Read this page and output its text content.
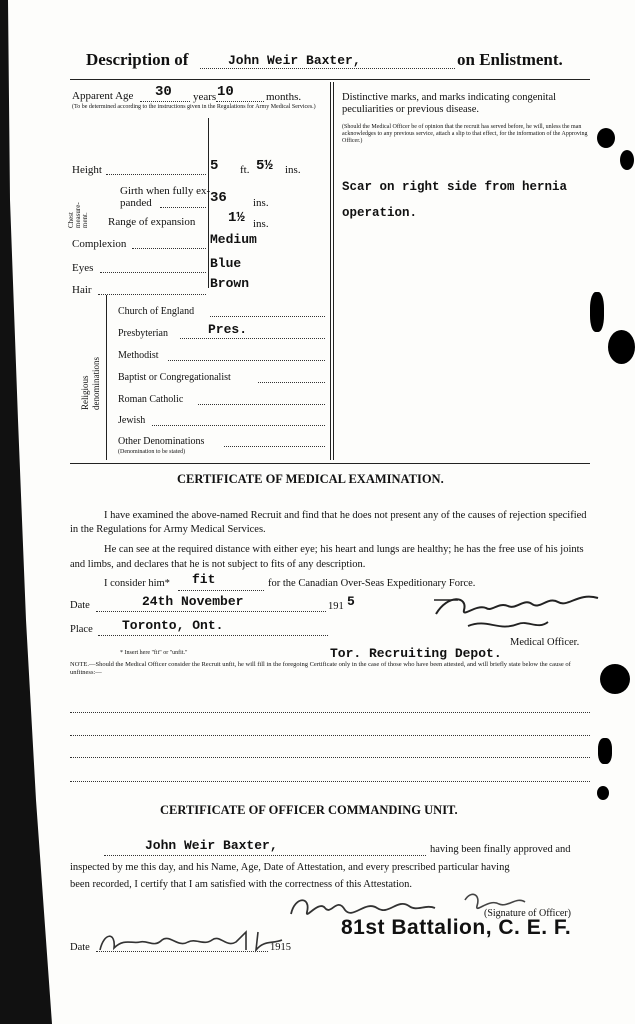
Description of	John Weir Baxter,	on Enlistment.
Apparent Age 30 years 10	months.
(To be determined according to the instructions given in the Regulations for Army Medical Services.)
Height	5 ft. 5½ ins.
Chest measure-ment.
Girth when fully ex-
panded	36 ins.
Range of expansion 1½ ins.
Complexion	Medium
Eyes	Blue
Hair	Brown
Religious denominations
Church of England
Presbyterian	Pres.
Methodist
Baptist or Congregationalist
Roman Catholic
Jewish
Other Denominations
(Denomination to be stated)
Distinctive marks, and marks indicating congenital peculiarities or previous disease.
(Should the Medical Officer be of opinion that the recruit has served before, he will, unless the man acknowledges to any previous service, attach a slip to that effect, for the information of the Approving Officer.)
Scar on right side from hernia
operation.
CERTIFICATE OF MEDICAL EXAMINATION.
I have examined the above-named Recruit and find that he does not present any of the causes of rejection specified in the Regulations for Army Medical Services.
He can see at the required distance with either eye; his heart and lungs are healthy; he has the free use of his joints and limbs, and declares that he is not subject to fits of any description.
I consider him* fit	for the Canadian Over-Seas Expeditionary Force.
Date	24th November	191 5
Place Toronto, Ont.
Medical Officer.
Tor. Recruiting Depot.
* Insert here "fit" or "unfit."
NOTE.—Should the Medical Officer consider the Recruit unfit, he will fill in the foregoing Certificate only in the case of those who have been attested, and will briefly state below the cause of unfitness:—
CERTIFICATE OF OFFICER COMMANDING UNIT.
John Weir Baxter,	having been finally approved and
inspected by me this day, and his Name, Age, Date of Attestation, and every prescribed particular having
been recorded, I certify that I am satisfied with the correctness of this Attestation.
(Signature of Officer)
81st Battalion, C. E. F.
Date	1915
